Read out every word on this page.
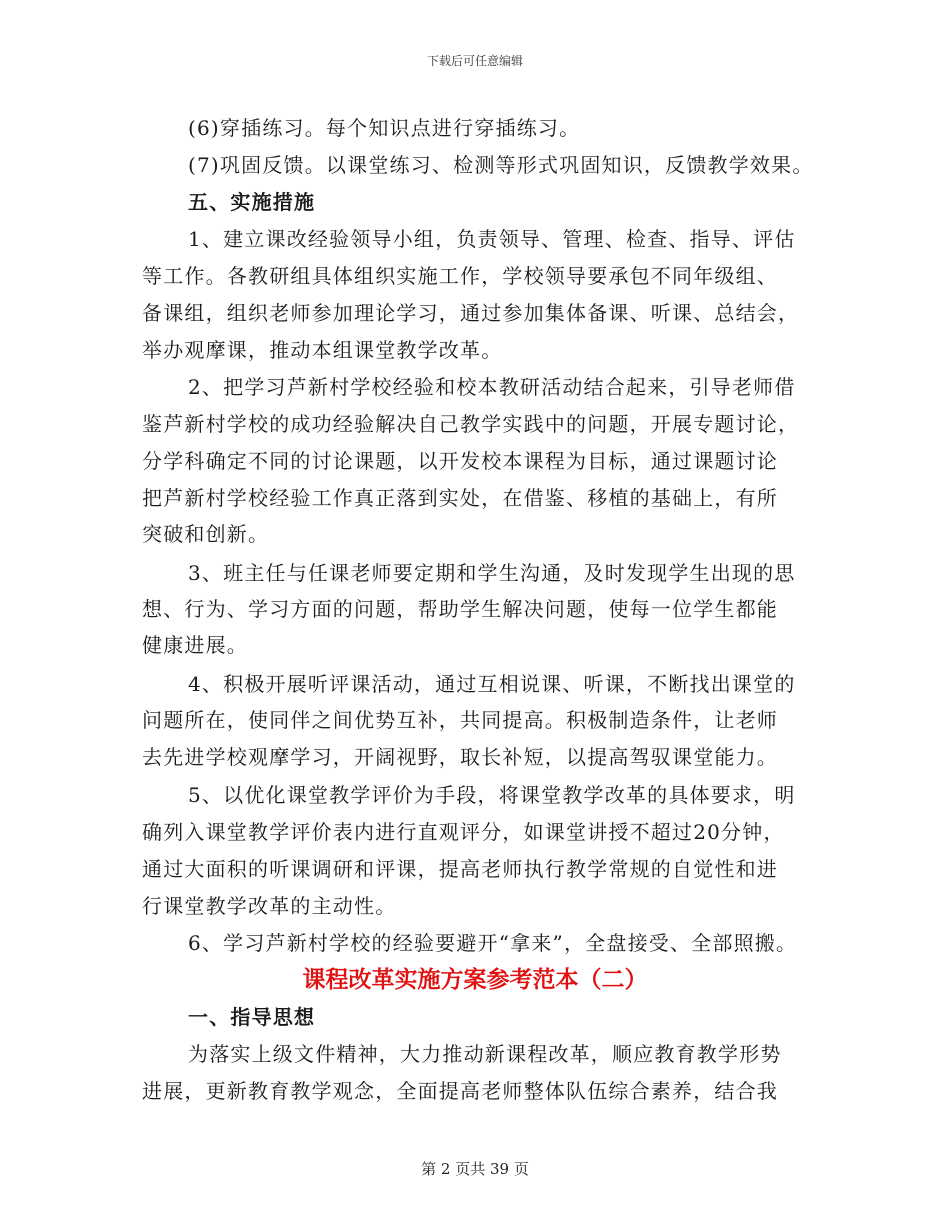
下载后可任意编辑
(6)穿插练习。每个知识点进行穿插练习。
(7)巩固反馈。以课堂练习、检测等形式巩固知识，反馈教学效果。
五、实施措施
1、建立课改经验领导小组，负责领导、管理、检查、指导、评估
等工作。各教研组具体组织实施工作，学校领导要承包不同年级组、
备课组，组织老师参加理论学习，通过参加集体备课、听课、总结会，
举办观摩课，推动本组课堂教学改革。
2、把学习芦新村学校经验和校本教研活动结合起来，引导老师借
鉴芦新村学校的成功经验解决自己教学实践中的问题，开展专题讨论，
分学科确定不同的讨论课题，以开发校本课程为目标，通过课题讨论
把芦新村学校经验工作真正落到实处，在借鉴、移植的基础上，有所
突破和创新。
3、班主任与任课老师要定期和学生沟通，及时发现学生出现的思
想、行为、学习方面的问题，帮助学生解决问题，使每一位学生都能
健康进展。
4、积极开展听评课活动，通过互相说课、听课，不断找出课堂的
问题所在，使同伴之间优势互补，共同提高。积极制造条件，让老师
去先进学校观摩学习，开阔视野，取长补短，以提高驾驭课堂能力。
5、以优化课堂教学评价为手段，将课堂教学改革的具体要求，明
确列入课堂教学评价表内进行直观评分，如课堂讲授不超过20分钟，
通过大面积的听课调研和评课，提高老师执行教学常规的自觉性和进
行课堂教学改革的主动性。
6、学习芦新村学校的经验要避开“拿来”，全盘接受、全部照搬。
课程改革实施方案参考范本（二）
一、指导思想
为落实上级文件精神，大力推动新课程改革，顺应教育教学形势
进展，更新教育教学观念，全面提高老师整体队伍综合素养，结合我
第 2 页共 39 页
